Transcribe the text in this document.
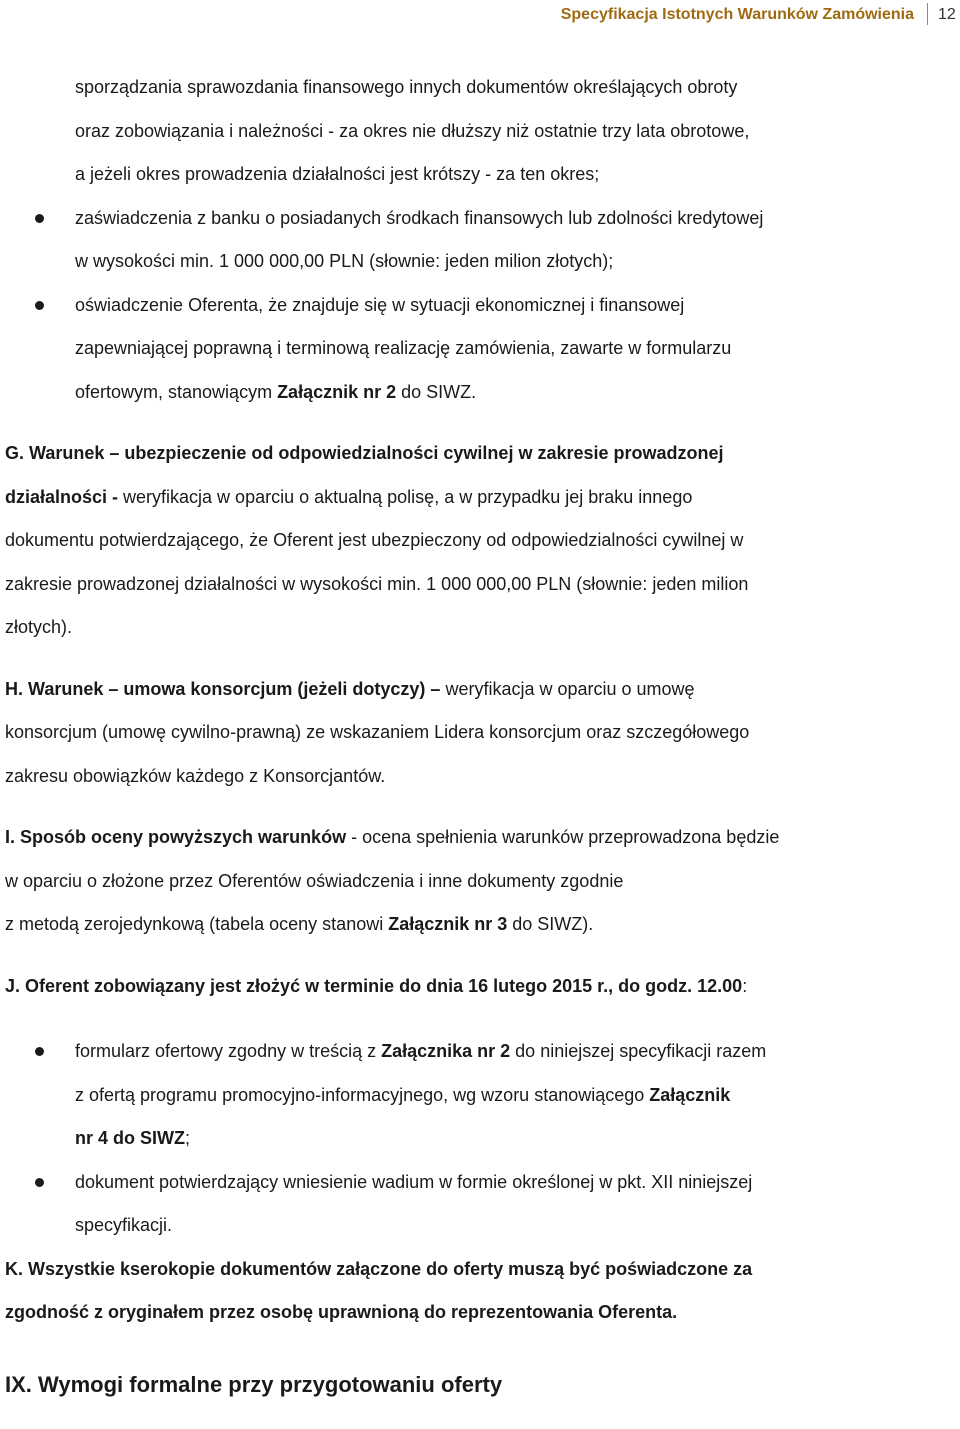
Specyfikacja Istotnych Warunków Zamówienia 12
sporządzania sprawozdania finansowego innych dokumentów określających obroty
oraz zobowiązania i należności - za okres nie dłuższy niż ostatnie trzy lata obrotowe,
a jeżeli okres prowadzenia działalności jest krótszy - za ten okres;
zaświadczenia z banku o posiadanych środkach finansowych lub zdolności kredytowej
w wysokości min. 1 000 000,00 PLN (słownie: jeden milion złotych);
oświadczenie Oferenta, że znajduje się w sytuacji ekonomicznej i finansowej
zapewniającej poprawną i terminową realizację zamówienia, zawarte w formularzu
ofertowym, stanowiącym Załącznik nr 2 do SIWZ.
G. Warunek – ubezpieczenie od odpowiedzialności cywilnej w zakresie prowadzonej
działalności - weryfikacja w oparciu o aktualną polisę, a w przypadku jej braku innego
dokumentu potwierdzającego, że Oferent jest ubezpieczony od odpowiedzialności cywilnej w
zakresie prowadzonej działalności w wysokości min. 1 000 000,00 PLN (słownie: jeden milion
złotych).
H. Warunek – umowa konsorcjum (jeżeli dotyczy) – weryfikacja w oparciu o umowę
konsorcjum (umowę cywilno-prawną) ze wskazaniem Lidera konsorcjum oraz szczegółowego
zakresu obowiązków każdego z Konsorcjantów.
I. Sposób oceny powyższych warunków - ocena spełnienia warunków przeprowadzona będzie
w oparciu o złożone przez Oferentów oświadczenia i inne dokumenty zgodnie
z metodą zerojedynkową (tabela oceny stanowi Załącznik nr 3 do SIWZ).
J. Oferent zobowiązany jest złożyć w terminie do dnia 16 lutego 2015 r., do godz. 12.00:
formularz ofertowy zgodny w treścią z Załącznika nr 2 do niniejszej specyfikacji razem
z ofertą programu promocyjno-informacyjnego, wg wzoru stanowiącego Załącznik
nr 4 do SIWZ;
dokument potwierdzający wniesienie wadium w formie określonej w pkt. XII niniejszej
specyfikacji.
K. Wszystkie kserokopie dokumentów załączone do oferty muszą być poświadczone za
zgodność z oryginałem przez osobę uprawnioną do reprezentowania Oferenta.
IX. Wymogi formalne przy przygotowaniu oferty
